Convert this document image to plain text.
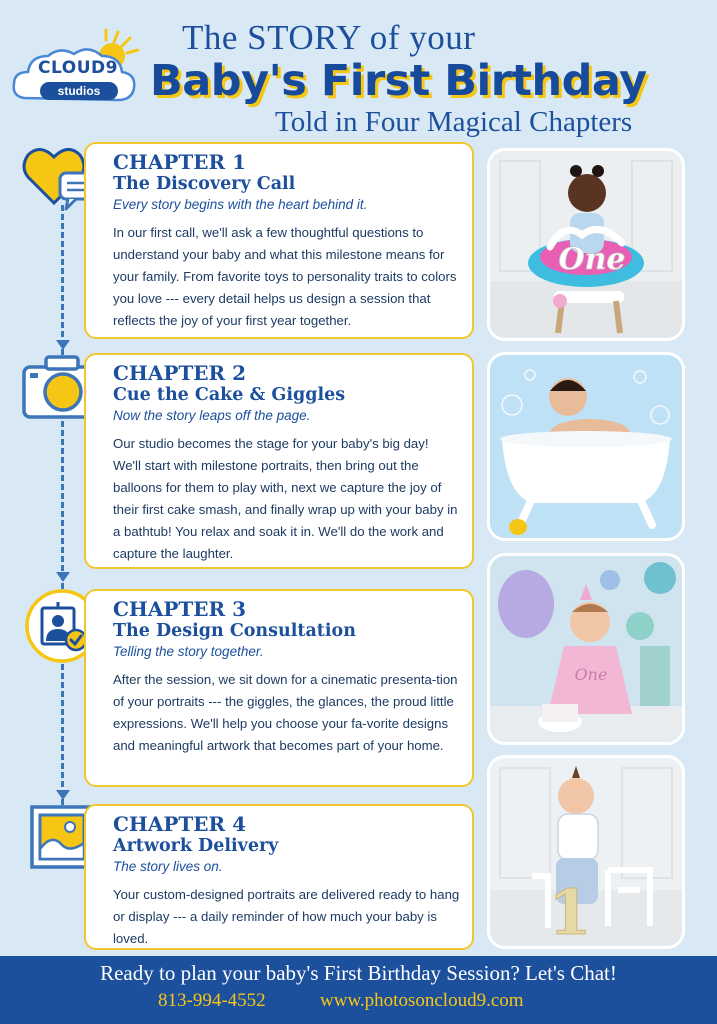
CLOUD9
studios
The STORY of your
Baby's First Birthday
Told in Four Magical Chapters
CHAPTER 1
The Discovery Call
Every story begins with the heart behind it.
In our first call, we'll ask a few thoughtful questions to understand your baby and what this milestone means for your family. From favorite toys to personality traits to colors you love --- every detail helps us design a session that reflects the joy of your first year together.
CHAPTER 2
Cue the Cake & Giggles
Now the story leaps off the page.
Our studio becomes the stage for your baby's big day! We'll start with milestone portraits, then bring out the balloons for them to play with, next we capture the joy of their first cake smash, and finally wrap up with your baby in a bathtub! You relax and soak it in. We'll do the work and capture the laughter.
CHAPTER 3
The Design Consultation
Telling the story together.
After the session, we sit down for a cinematic presenta-tion of your portraits --- the giggles, the glances, the proud little expressions. We'll help you choose your fa-vorite designs and meaningful artwork that becomes part of your home.
CHAPTER 4
Artwork Delivery
The story lives on.
Your custom-designed portraits are delivered ready to hang or display --- a daily reminder of how much your baby is loved.
One
One
1
Ready to plan your baby's First Birthday Session? Let's Chat!
813-994-4552	www.photosoncloud9.com
